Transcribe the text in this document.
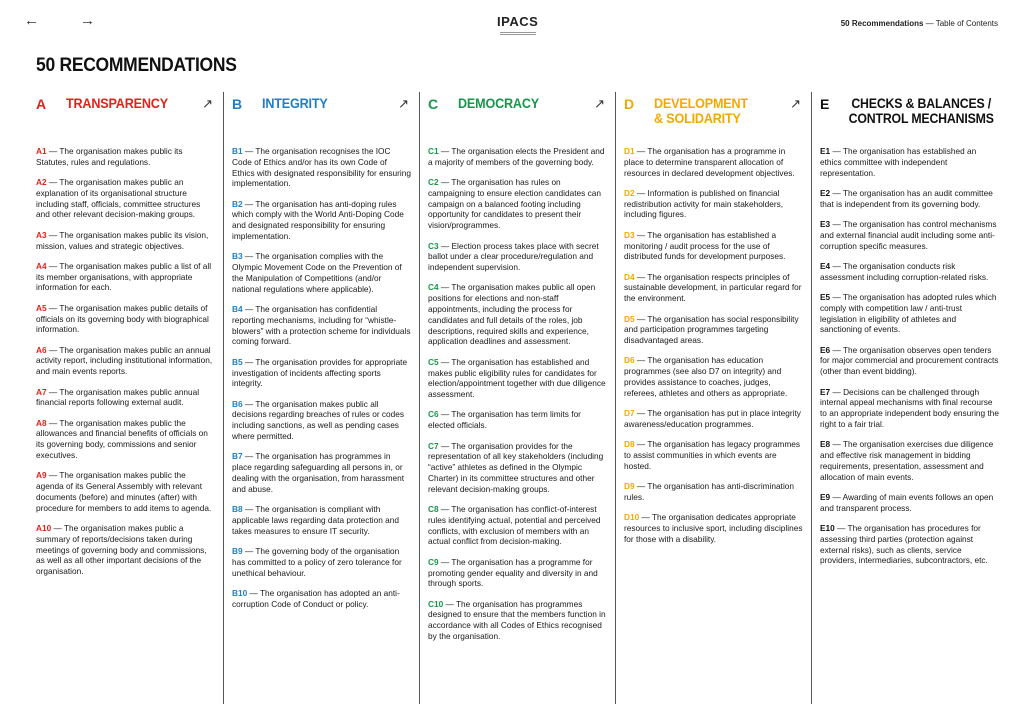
←	→	IPACS	50 Recommendations — Table of Contents
50 RECOMMENDATIONS
A TRANSPARENCY	↗

A1 — The organisation makes public its Statutes, rules and regulations.

A2 — The organisation makes public an explanation of its organisational structure including staff, officials, committee structures and other relevant decision-making groups.

A3 — The organisation makes public its vision, mission, values and strategic objectives.

A4 — The organisation makes public a list of all its member organisations, with appropriate information for each.

A5 — The organisation makes public details of officials on its governing body with biographical information.

A6 — The organisation makes public an annual activity report, including institutional information, and main events reports.

A7 — The organisation makes public annual financial reports following external audit.

A8 — The organisation makes public the allowances and financial benefits of officials on its governing body, commissions and senior executives.

A9 — The organisation makes public the agenda of its General Assembly with relevant documents (before) and minutes (after) with procedure for members to add items to agenda.

A10 — The organisation makes public a summary of reports/decisions taken during meetings of governing body and commissions, as well as all other important decisions of the organisation.

B INTEGRITY	↗

B1 — The organisation recognises the IOC Code of Ethics and/or has its own Code of Ethics with designated responsibility for ensuring implementation.

B2 — The organisation has anti-doping rules which comply with the World Anti-Doping Code and designated responsibility for ensuring implementation.

B3 — The organisation complies with the Olympic Movement Code on the Prevention of the Manipulation of Competitions (and/or national regulations where applicable).

B4 — The organisation has confidential reporting mechanisms, including for “whistle-blowers” with a protection scheme for individuals coming forward.

B5 — The organisation provides for appropriate investigation of incidents affecting sports integrity.

B6 — The organisation makes public all decisions regarding breaches of rules or codes including sanctions, as well as pending cases where permitted.

B7 — The organisation has programmes in place regarding safeguarding all persons in, or dealing with the organisation, from harassment and abuse.

B8 — The organisation is compliant with applicable laws regarding data protection and takes measures to ensure IT security.

B9 — The governing body of the organisation has committed to a policy of zero tolerance for unethical behaviour.

B10 — The organisation has adopted an anti-corruption Code of Conduct or policy.

C DEMOCRACY	↗

C1 — The organisation elects the President and a majority of members of the governing body.

C2 — The organisation has rules on campaigning to ensure election candidates can campaign on a balanced footing including opportunity for candidates to present their vision/programmes.

C3 — Election process takes place with secret ballot under a clear procedure/regulation and independent supervision.

C4 — The organisation makes public all open positions for elections and non-staff appointments, including the process for candidates and full details of the roles, job descriptions, required skills and experience, application deadlines and assessment.

C5 — The organisation has established and makes public eligibility rules for candidates for election/appointment together with due diligence assessment.

C6 — The organisation has term limits for elected officials.

C7 — The organisation provides for the representation of all key stakeholders (including “active” athletes as defined in the Olympic Charter) in its committee structures and other relevant decision-making groups.

C8 — The organisation has conflict-of-interest rules identifying actual, potential and perceived conflicts, with exclusion of members with an actual conflict from decision-making.

C9 — The organisation has a programme for promoting gender equality and diversity in and through sports.

C10 — The organisation has programmes designed to ensure that the members function in accordance with all Codes of Ethics recognised by the organisation.

D DEVELOPMENT
& SOLIDARITY
↗

D1 — The organisation has a programme in place to determine transparent allocation of resources in declared development objectives.

D2 — Information is published on financial redistribution activity for main stakeholders, including figures.

D3 — The organisation has established a monitoring / audit process for the use of distributed funds for development purposes.

D4 — The organisation respects principles of sustainable development, in particular regard for the environment.

D5 — The organisation has social responsibility and participation programmes targeting disadvantaged areas.

D6 — The organisation has education programmes (see also D7 on integrity) and provides assistance to coaches, judges, referees, athletes and others as appropriate.

D7 — The organisation has put in place integrity awareness/education programmes.

D8 — The organisation has legacy programmes to assist communities in which events are hosted.

D9 — The organisation has anti-discrimination rules.

D10 — The organisation dedicates appropriate resources to inclusive sport, including disciplines for those with a disability.

E	CHECKS & BALANCES /
CONTROL MECHANISMS

E1 — The organisation has established an ethics committee with independent representation.

E2 — The organisation has an audit committee that is independent from its governing body.

E3 — The organisation has control mechanisms and external financial audit including some anti-corruption specific measures.

E4 — The organisation conducts risk assessment including corruption-related risks.

E5 — The organisation has adopted rules which comply with competition law / anti-trust legislation in eligibility of athletes and sanctioning of events.

E6 — The organisation observes open tenders for major commercial and procurement contracts (other than event bidding).

E7 — Decisions can be challenged through internal appeal mechanisms with final recourse to an appropriate independent body ensuring the right to a fair trial.

E8 — The organisation exercises due diligence and effective risk management in bidding requirements, presentation, assessment and allocation of main events.

E9 — Awarding of main events follows an open and transparent process.

E10 — The organisation has procedures for assessing third parties (protection against external risks), such as clients, service providers, intermediaries, subcontractors, etc.
